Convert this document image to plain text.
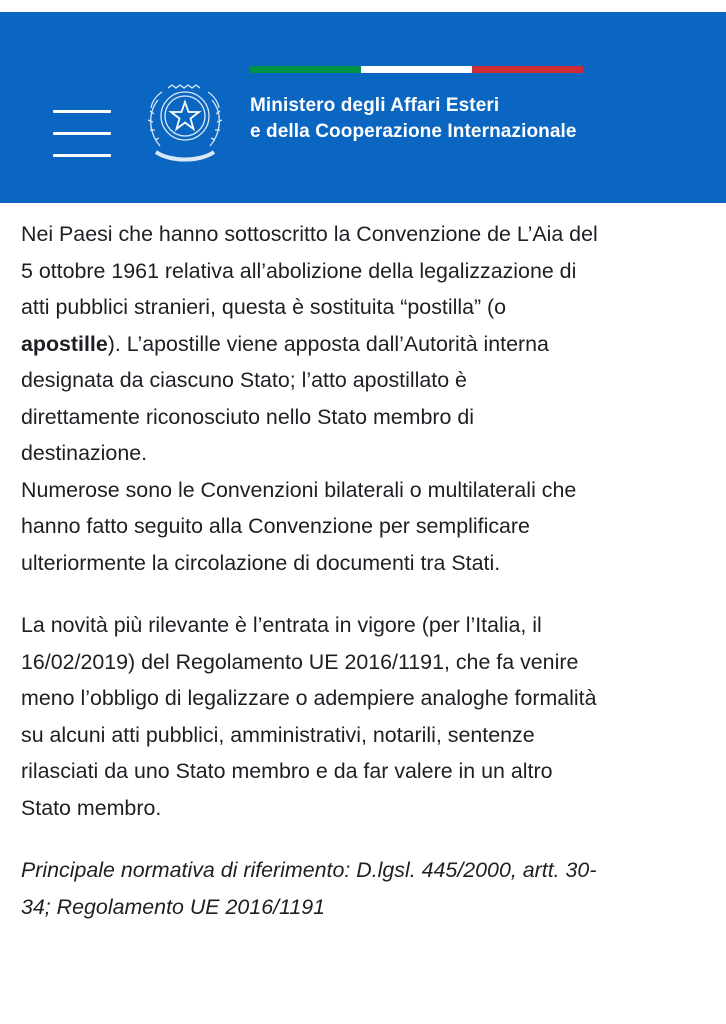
Ministero degli Affari Esteri
e della Cooperazione Internazionale

Nei Paesi che hanno sottoscritto la Convenzione de L’Aia del
5 ottobre 1961 relativa all’abolizione della legalizzazione di
atti pubblici stranieri, questa è sostituita “postilla” (o
apostille). L’apostille viene apposta dall’Autorità interna
designata da ciascuno Stato; l’atto apostillato è
direttamente riconosciuto nello Stato membro di
destinazione.

Numerose sono le Convenzioni bilaterali o multilaterali che
hanno fatto seguito alla Convenzione per semplificare
ulteriormente la circolazione di documenti tra Stati.

La novità più rilevante è l’entrata in vigore (per l’Italia, il
16/02/2019) del Regolamento UE 2016/1191, che fa venire
meno l’obbligo di legalizzare o adempiere analoghe formalità
su alcuni atti pubblici, amministrativi, notarili, sentenze
rilasciati da uno Stato membro e da far valere in un altro
Stato membro.

Principale normativa di riferimento: D.lgsl. 445/2000, artt. 30-
34; Regolamento UE 2016/1191
